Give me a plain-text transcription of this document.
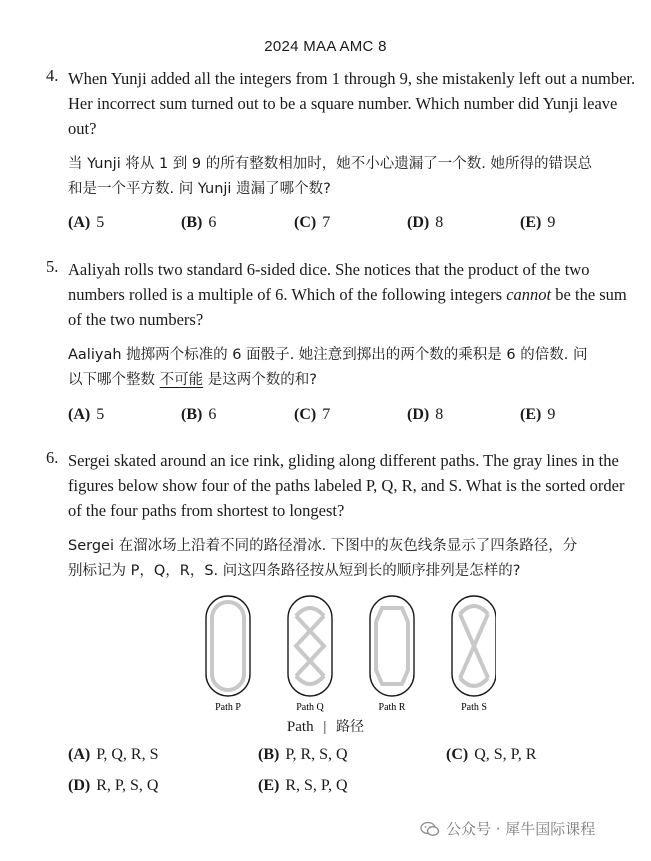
2024 MAA AMC 8
4. When Yunji added all the integers from 1 through 9, she mistakenly left out a number. Her incorrect sum turned out to be a square number. Which number did Yunji leave out?
当 Yunji 将从 1 到 9 的所有整数相加时，她不小心遗漏了一个数. 她所得的错误总
和是一个平方数. 问 Yunji 遗漏了哪个数?
(A) 5	(B) 6	(C) 7	(D) 8	(E) 9
5. Aaliyah rolls two standard 6-sided dice. She notices that the product of the two numbers rolled is a multiple of 6. Which of the following integers cannot be the sum of the two numbers?
Aaliyah 抛掷两个标准的 6 面骰子. 她注意到掷出的两个数的乘积是 6 的倍数. 问
以下哪个整数 不可能 是这两个数的和?
(A) 5	(B) 6	(C) 7	(D) 8	(E) 9
6. Sergei skated around an ice rink, gliding along different paths. The gray lines in the figures below show four of the paths labeled P, Q, R, and S. What is the sorted order of the four paths from shortest to longest?
Sergei 在溜冰场上沿着不同的路径滑冰. 下图中的灰色线条显示了四条路径，分
别标记为 P，Q，R，S. 问这四条路径按从短到长的顺序排列是怎样的?
Path P	Path Q	Path R	Path S
Path | 路径
(A) P, Q, R, S	(B) P, R, S, Q	(C) Q, S, P, R
(D) R, P, S, Q	(E) R, S, P, Q
公众号 · 犀牛国际课程
